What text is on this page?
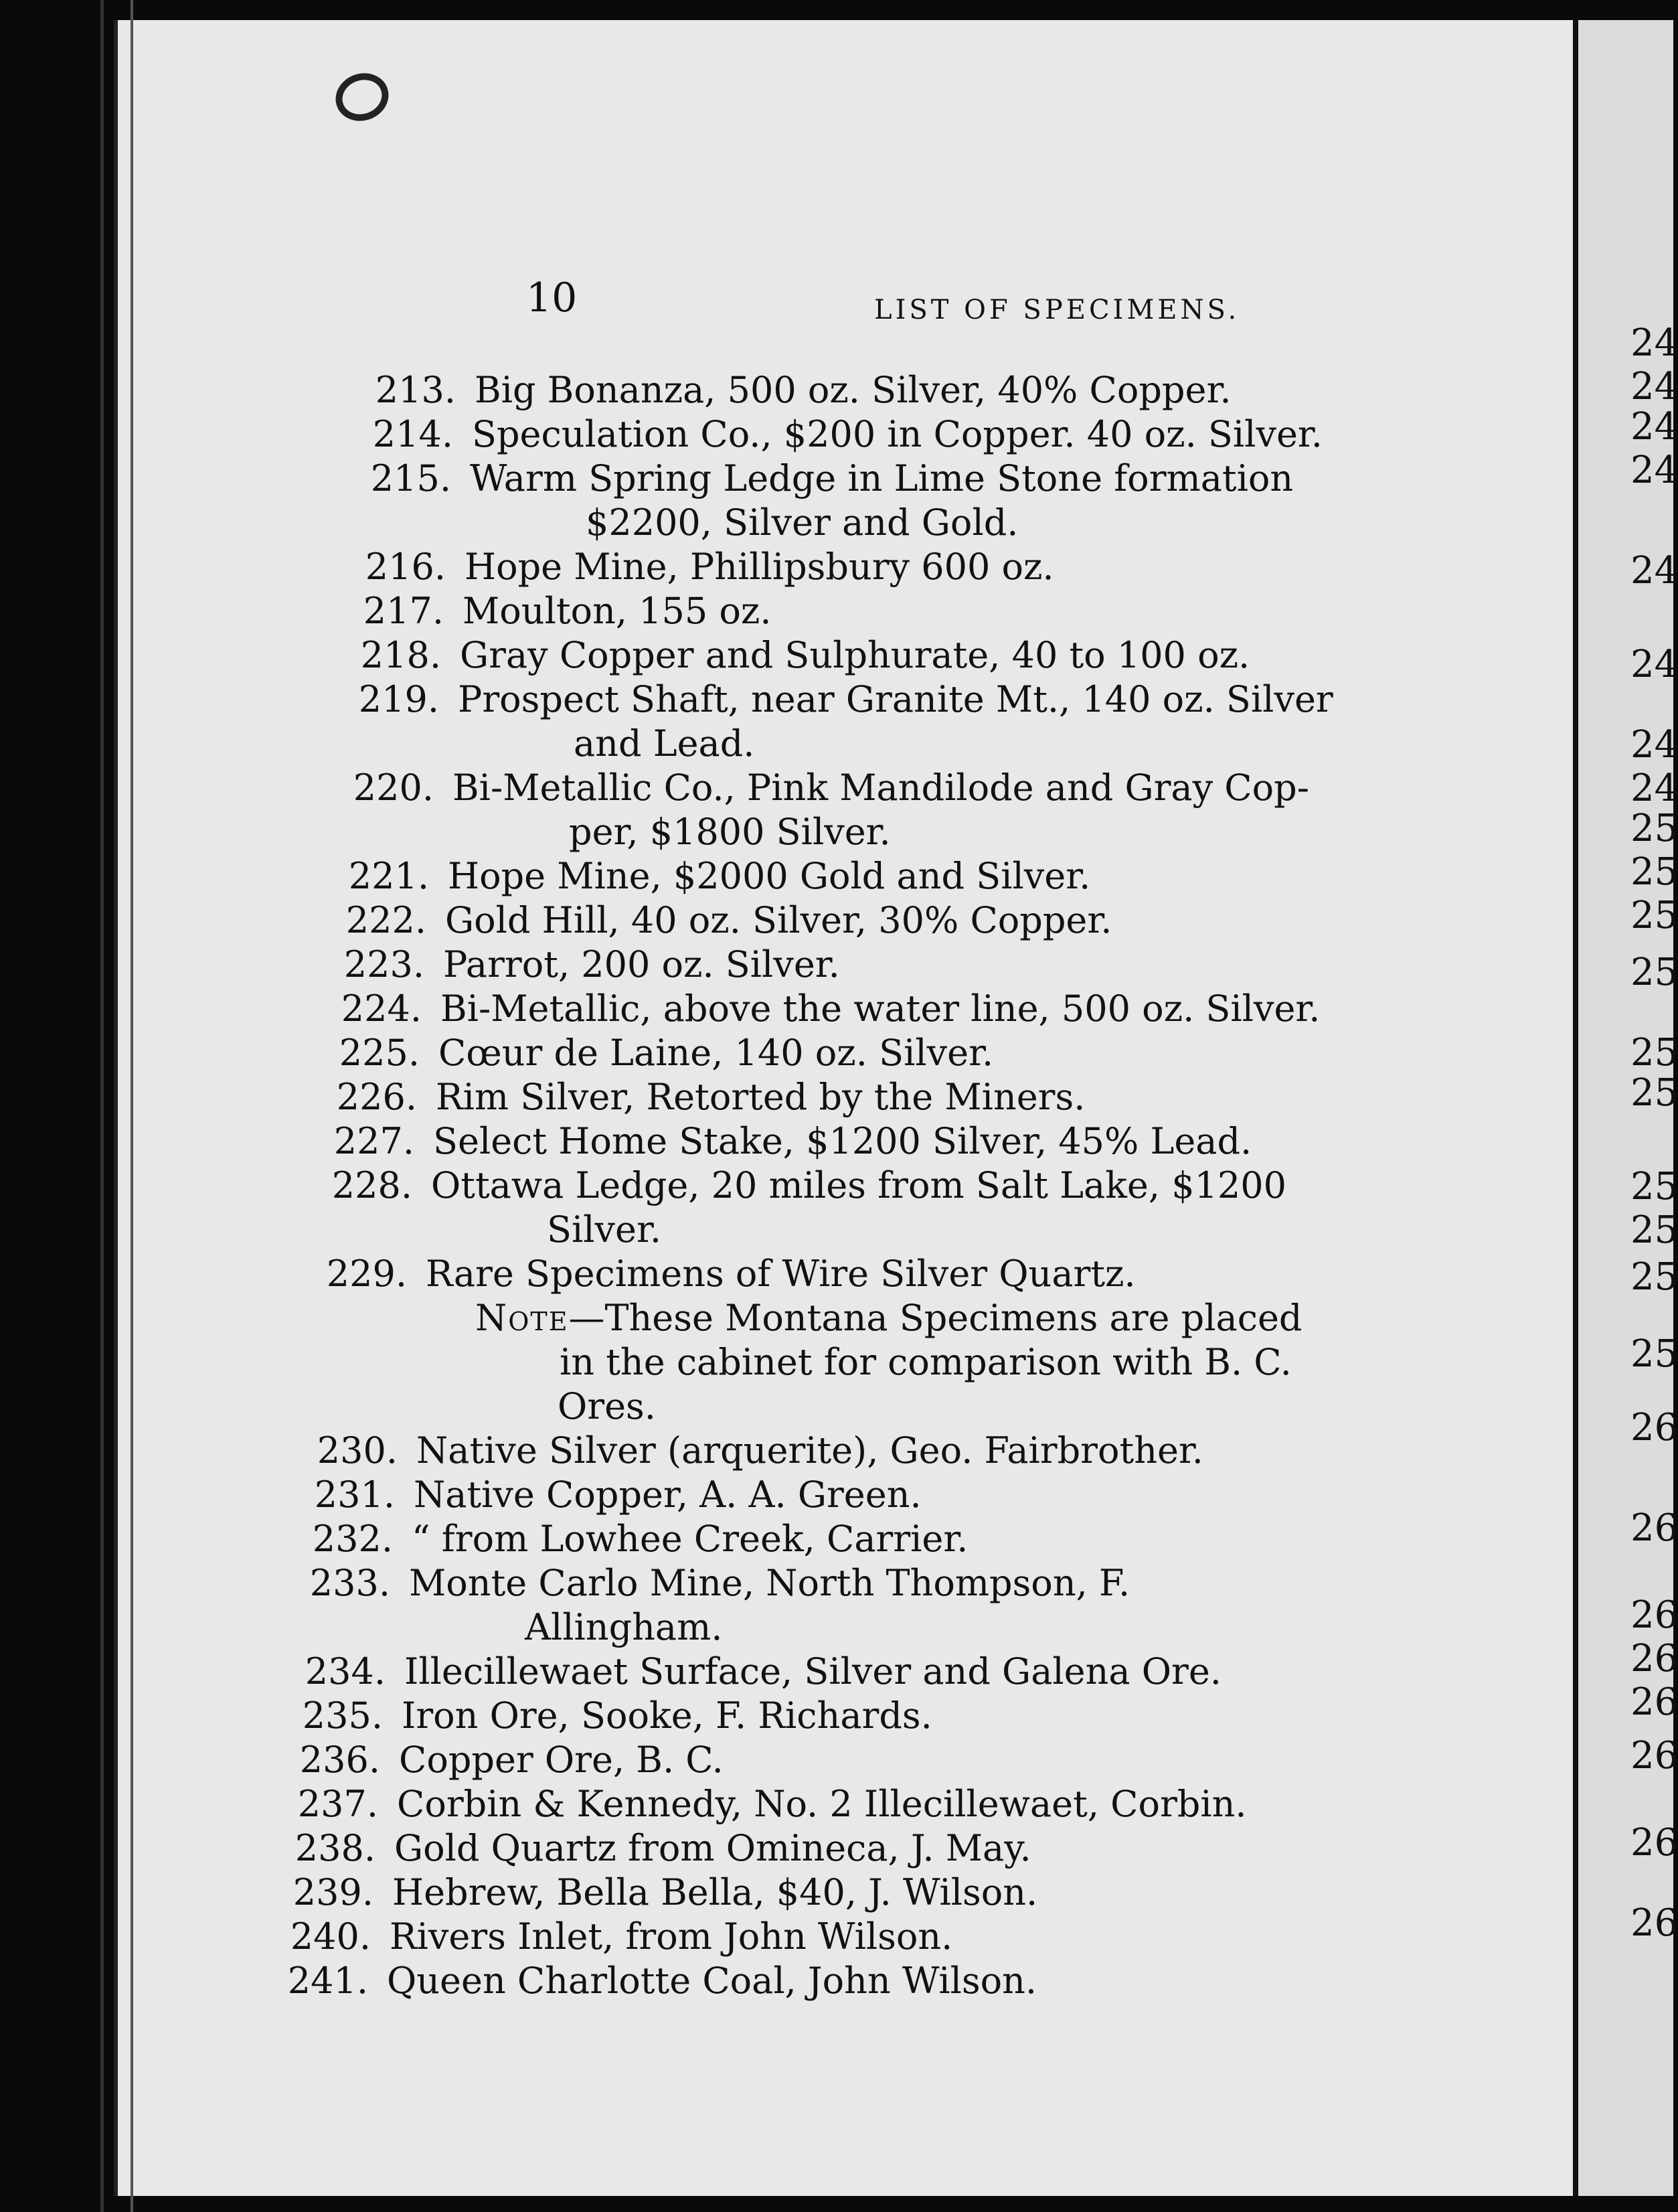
10	LIST OF SPECIMENS.
213. Big Bonanza, 500 oz. Silver, 40% Copper.
214. Speculation Co., $200 in Copper. 40 oz. Silver.
215. Warm Spring Ledge in Lime Stone formation
$2200, Silver and Gold.
216. Hope Mine, Phillipsbury 600 oz.
217. Moulton, 155 oz.
218. Gray Copper and Sulphurate, 40 to 100 oz.
219. Prospect Shaft, near Granite Mt., 140 oz. Silver
and Lead.
220. Bi-Metallic Co., Pink Mandilode and Gray Cop-
per, $1800 Silver.
221. Hope Mine, $2000 Gold and Silver.
222. Gold Hill, 40 oz. Silver, 30% Copper.
223. Parrot, 200 oz. Silver.
224. Bi-Metallic, above the water line, 500 oz. Silver.
225. Cœur de Laine, 140 oz. Silver.
226. Rim Silver, Retorted by the Miners.
227. Select Home Stake, $1200 Silver, 45% Lead.
228. Ottawa Ledge, 20 miles from Salt Lake, $1200
Silver.
229. Rare Specimens of Wire Silver Quartz.
Note—These Montana Specimens are placed
in the cabinet for comparison with B. C.
Ores.
230. Native Silver (arquerite), Geo. Fairbrother.
231. Native Copper, A. A. Green.
232. “ from Lowhee Creek, Carrier.
233. Monte Carlo Mine, North Thompson, F.
Allingham.
234. Illecillewaet Surface, Silver and Galena Ore.
235. Iron Ore, Sooke, F. Richards.
236. Copper Ore, B. C.
237. Corbin & Kennedy, No. 2 Illecillewaet, Corbin.
238. Gold Quartz from Omineca, J. May.
239. Hebrew, Bella Bella, $40, J. Wilson.
240. Rivers Inlet, from John Wilson.
241. Queen Charlotte Coal, John Wilson.
24
24
24
24
24
24
24
24
25
25
25
25
25
25
25
25
25
25
26
26
26
26
26
26
26
26
